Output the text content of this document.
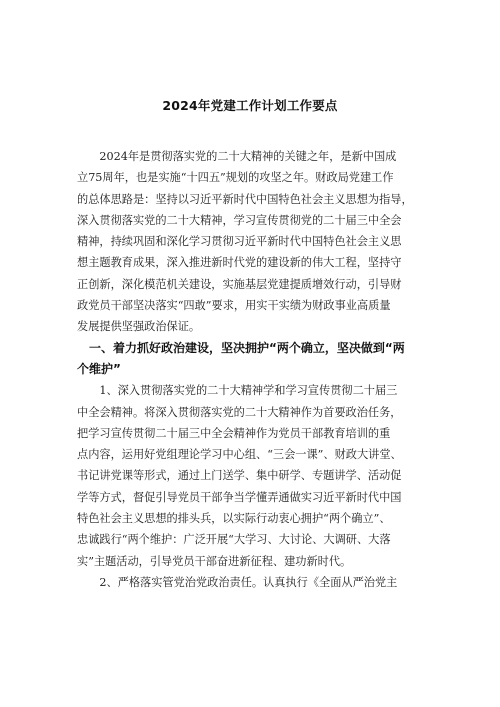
2024年党建工作计划工作要点
　　2024年是贯彻落实党的二十大精神的关键之年，是新中国成
立75周年，也是实施“十四五”规划的攻坚之年。财政局党建工作
的总体思路是：坚持以习近平新时代中国特色社会主义思想为指导，
深入贯彻落实党的二十大精神，学习宣传贯彻党的二十届三中全会
精神，持续巩固和深化学习贯彻习近平新时代中国特色社会主义思
想主题教育成果，深入推进新时代党的建设新的伟大工程，坚持守
正创新，深化模范机关建设，实施基层党建提质增效行动，引导财
政党员干部坚决落实“四敢”要求，用实干实绩为财政事业高质量
发展提供坚强政治保证。
　一、着力抓好政治建设，坚决拥护“两个确立，坚决做到“两
个维护”
　　1、深入贯彻落实党的二十大精神学和学习宣传贯彻二十届三
中全会精神。将深入贯彻落实党的二十大精神作为首要政治任务，
把学习宣传贯彻二十届三中全会精神作为党员干部教育培训的重
点内容，运用好党组理论学习中心组、“三会一课”、财政大讲堂、
书记讲党课等形式，通过上门送学、集中研学、专题讲学、活动促
学等方式，督促引导党员干部争当学懂弄通做实习近平新时代中国
特色社会主义思想的排头兵，以实际行动衷心拥护“两个确立”、
忠诚践行“两个维护：广泛开展“大学习、大讨论、大调研、大落
实”主题活动，引导党员干部奋进新征程、建功新时代。
　　2、严格落实管党治党政治责任。认真执行《全面从严治党主
